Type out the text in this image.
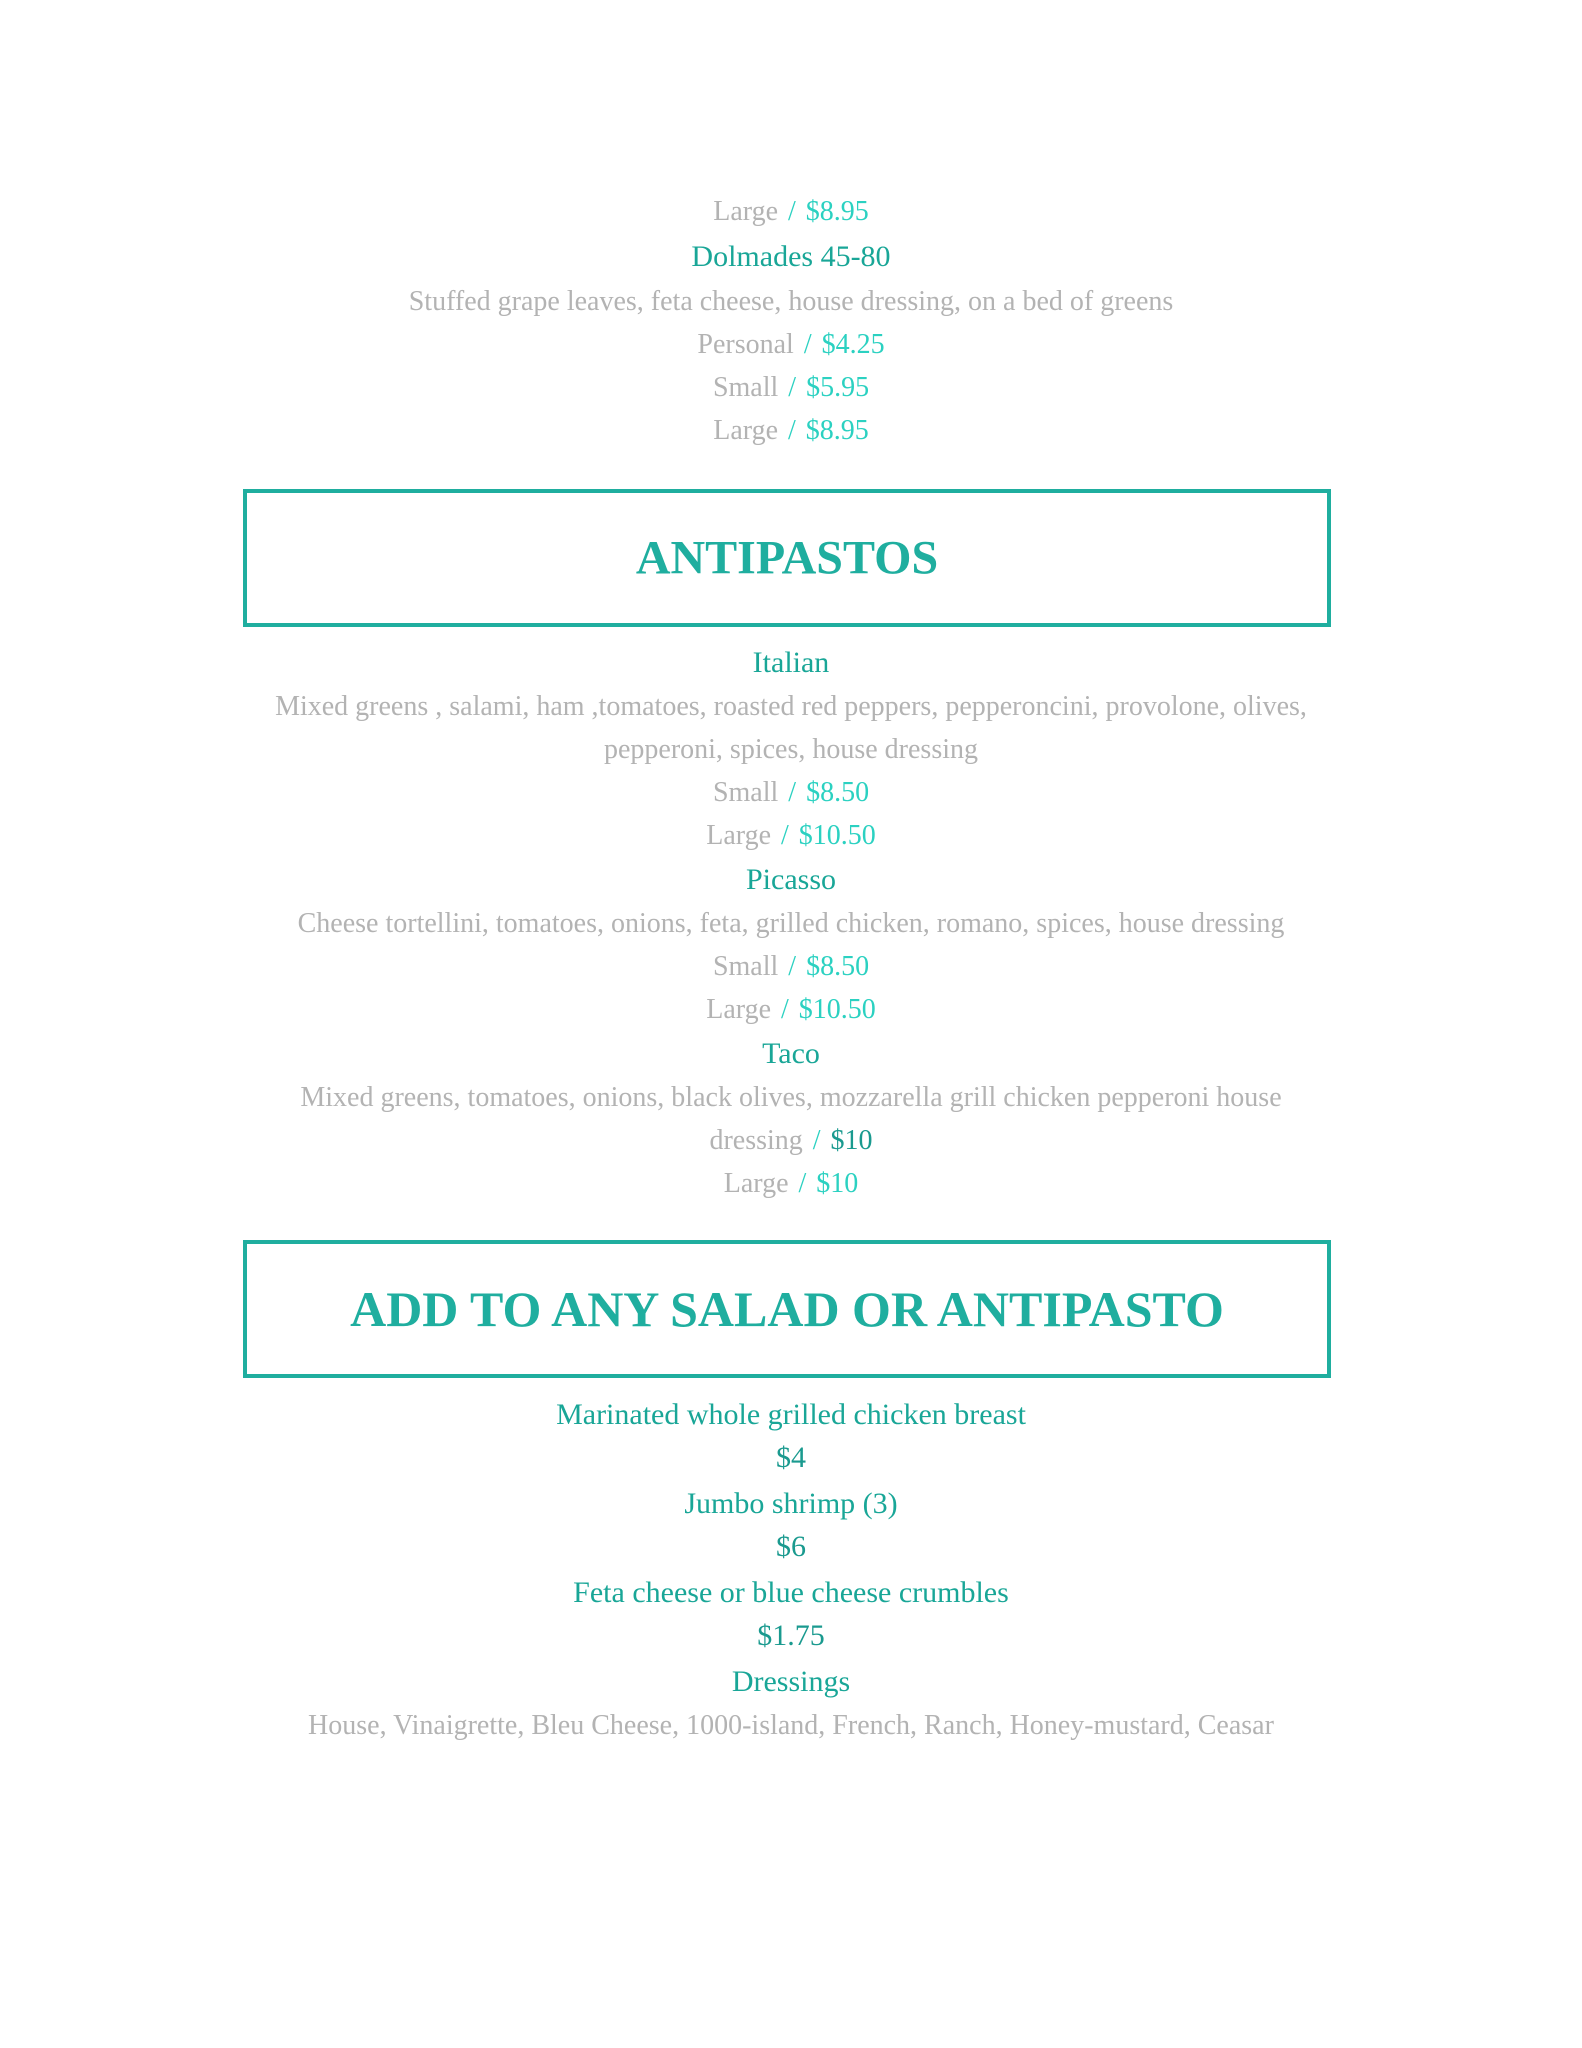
Large / $8.95
Dolmades 45-80
Stuffed grape leaves, feta cheese, house dressing, on a bed of greens
Personal / $4.25
Small / $5.95
Large / $8.95
ANTIPASTOS
Italian
Mixed greens , salami, ham ,tomatoes, roasted red peppers, pepperoncini, provolone, olives,
pepperoni, spices, house dressing
Small / $8.50
Large / $10.50
Picasso
Cheese tortellini, tomatoes, onions, feta, grilled chicken, romano, spices, house dressing
Small / $8.50
Large / $10.50
Taco
Mixed greens, tomatoes, onions, black olives, mozzarella grill chicken pepperoni house
dressing / $10
Large / $10
ADD TO ANY SALAD OR ANTIPASTO
Marinated whole grilled chicken breast
$4
Jumbo shrimp (3)
$6
Feta cheese or blue cheese crumbles
$1.75
Dressings
House, Vinaigrette, Bleu Cheese, 1000-island, French, Ranch, Honey-mustard, Ceasar
